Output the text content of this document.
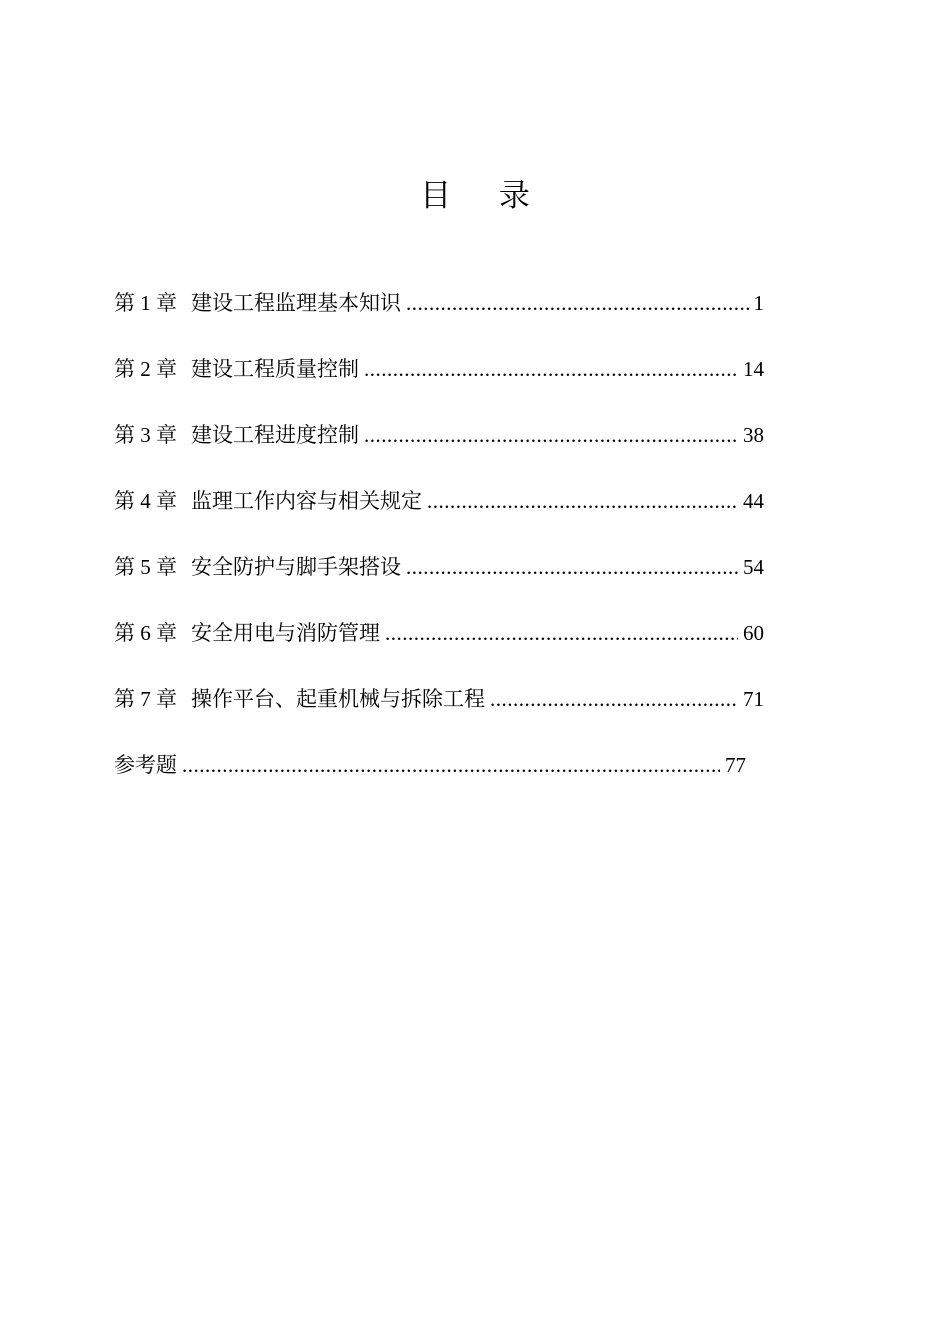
目 录
第 1 章 建设工程监理基本知识 .....	1
第 2 章 建设工程质量控制 .....	14
第 3 章 建设工程进度控制 .....	38
第 4 章 监理工作内容与相关规定 .....	44
第 5 章 安全防护与脚手架搭设 .....	54
第 6 章 安全用电与消防管理 .....	60
第 7 章 操作平台、起重机械与拆除工程 .....	71
参考题 .....	77
